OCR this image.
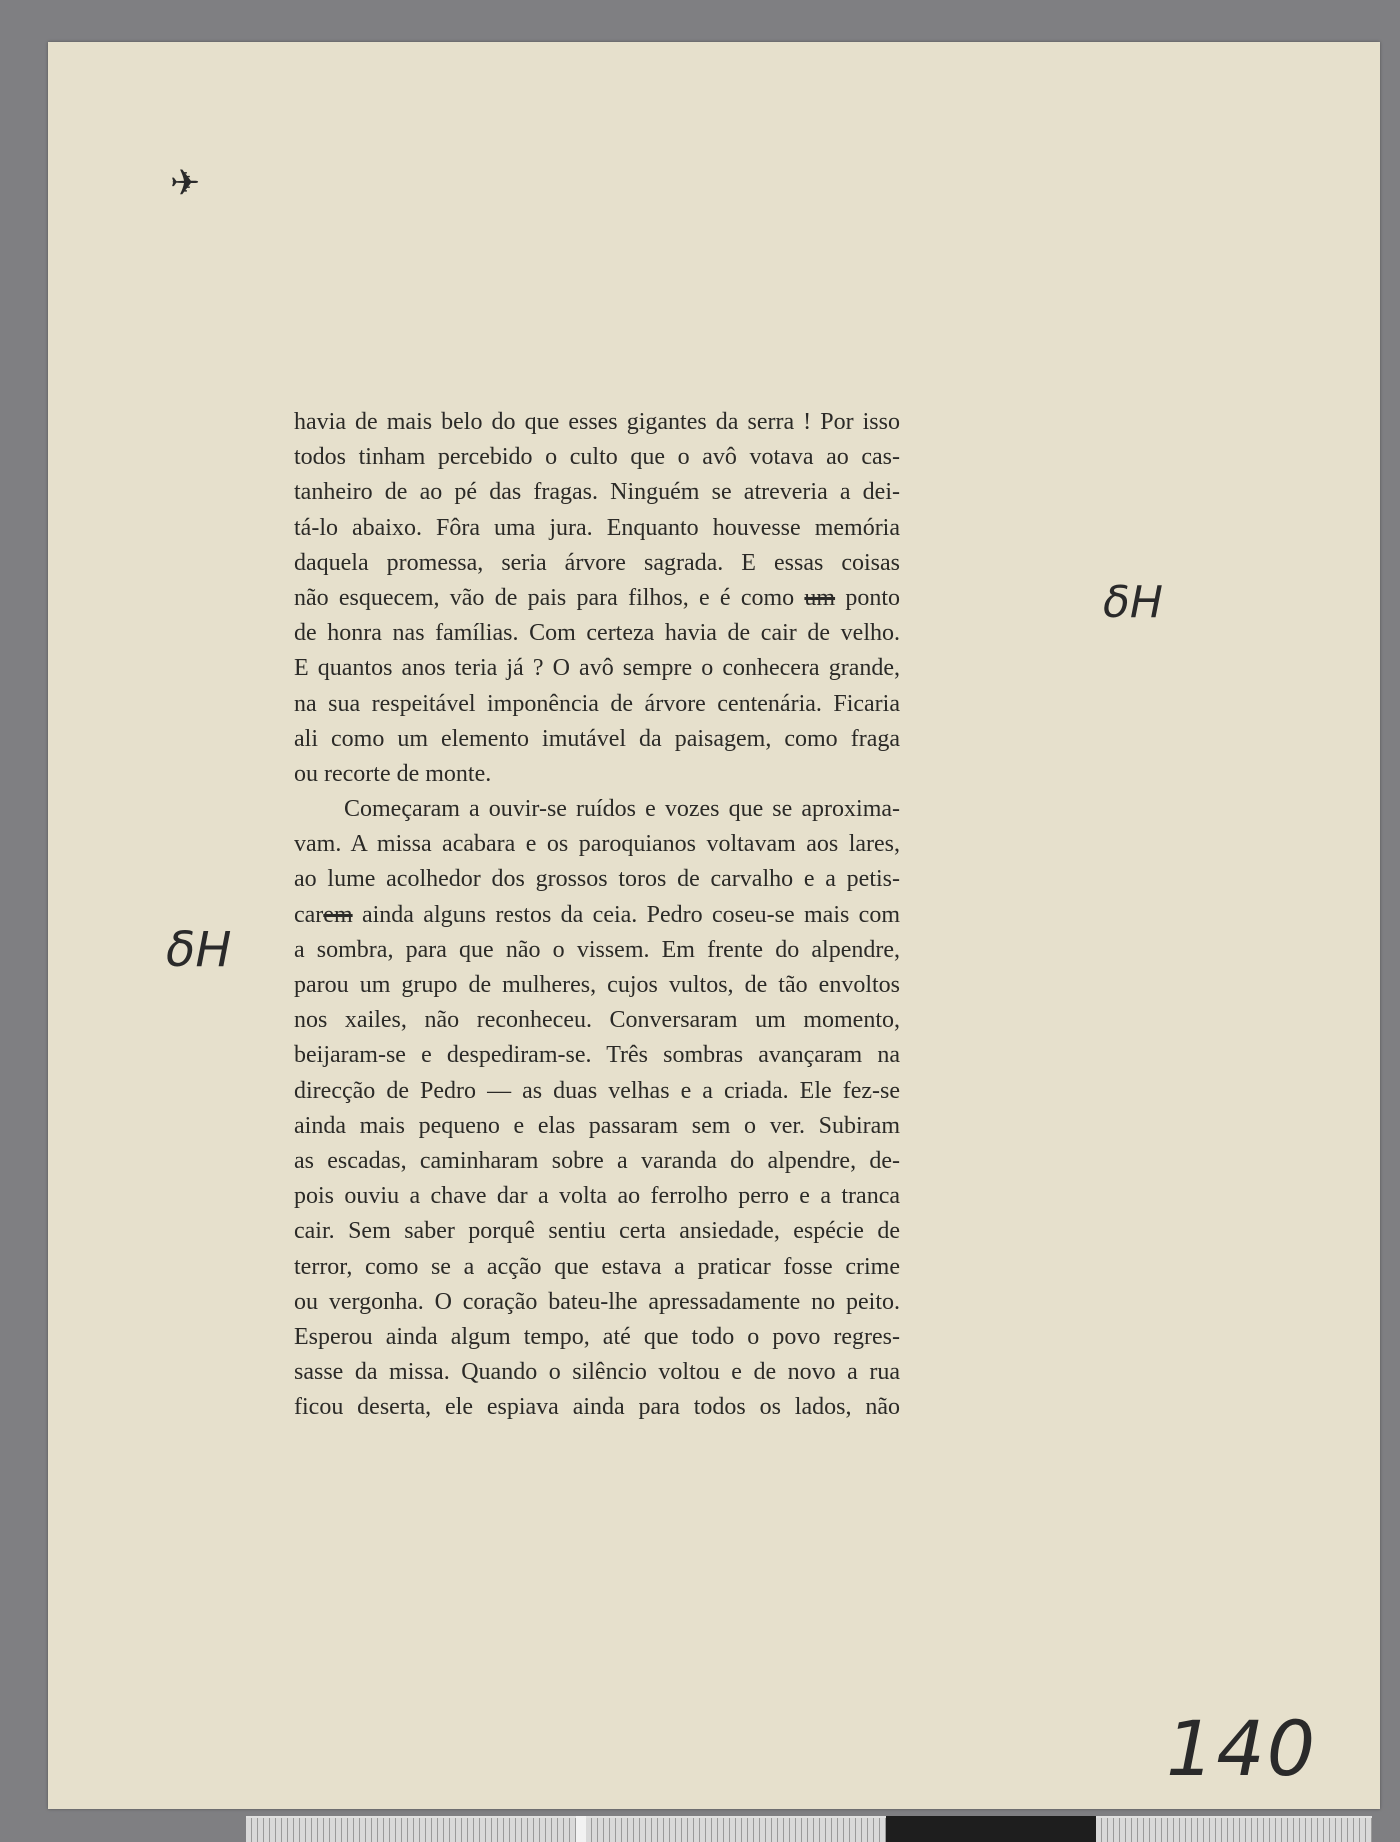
✈
havia de mais belo do que esses gigantes da serra ! Por isso
todos tinham percebido o culto que o avô votava ao cas-
tanheiro de ao pé das fragas. Ninguém se atreveria a dei-
tá-lo abaixo. Fôra uma jura. Enquanto houvesse memória
daquela promessa, seria árvore sagrada. E essas coisas
não esquecem, vão de pais para filhos, e é como um ponto
de honra nas famílias. Com certeza havia de cair de velho.
E quantos anos teria já ? O avô sempre o conhecera grande,
na sua respeitável imponência de árvore centenária. Ficaria
ali como um elemento imutável da paisagem, como fraga
ou recorte de monte.
Começaram a ouvir-se ruídos e vozes que se aproxima-
vam. A missa acabara e os paroquianos voltavam aos lares,
ao lume acolhedor dos grossos toros de carvalho e a petis-
carem ainda alguns restos da ceia. Pedro coseu-se mais com
a sombra, para que não o vissem. Em frente do alpendre,
parou um grupo de mulheres, cujos vultos, de tão envoltos
nos xailes, não reconheceu. Conversaram um momento,
beijaram-se e despediram-se. Três sombras avançaram na
direcção de Pedro — as duas velhas e a criada. Ele fez-se
ainda mais pequeno e elas passaram sem o ver. Subiram
as escadas, caminharam sobre a varanda do alpendre, de-
pois ouviu a chave dar a volta ao ferrolho perro e a tranca
cair. Sem saber porquê sentiu certa ansiedade, espécie de
terror, como se a acção que estava a praticar fosse crime
ou vergonha. O coração bateu-lhe apressadamente no peito.
Esperou ainda algum tempo, até que todo o povo regres-
sasse da missa. Quando o silêncio voltou e de novo a rua
ficou deserta, ele espiava ainda para todos os lados, não
δH
δH
140
